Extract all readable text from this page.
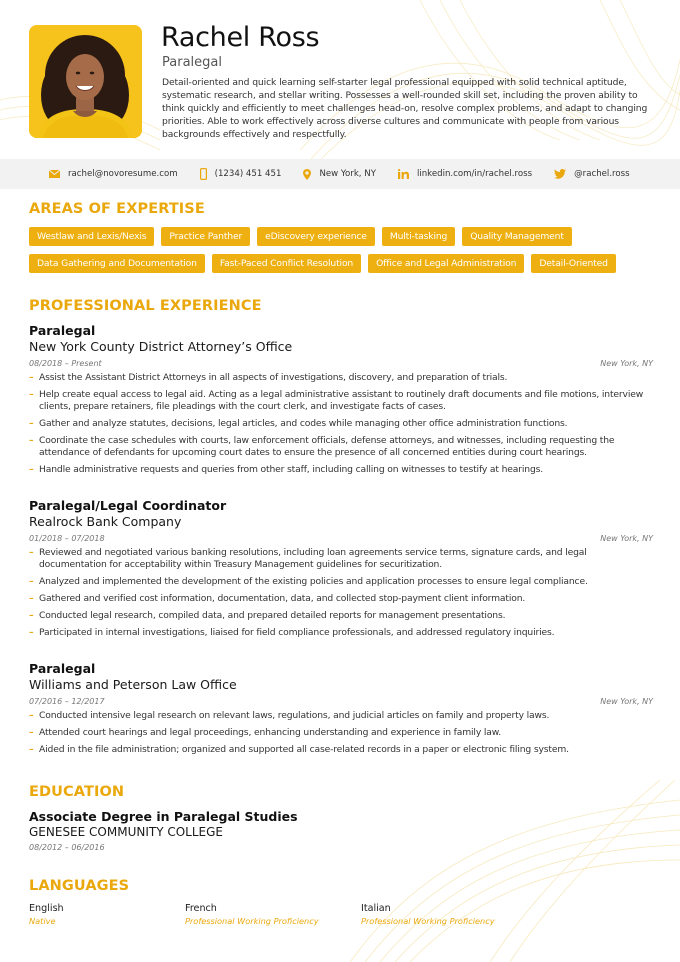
Rachel Ross
Paralegal
Detail-oriented and quick learning self-starter legal professional equipped with solid technical aptitude, systematic research, and stellar writing. Possesses a well-rounded skill set, including the proven ability to think quickly and efficiently to meet challenges head-on, resolve complex problems, and adapt to changing priorities. Able to work effectively across diverse cultures and communicate with people from various backgrounds effectively and respectfully.
rachel@novoresume.com	(1234) 451 451	New York, NY	linkedin.com/in/rachel.ross	@rachel.ross
AREAS OF EXPERTISE
Westlaw and Lexis/Nexis	Practice Panther	eDiscovery experience	Multi-tasking	Quality Management
Data Gathering and Documentation	Fast-Paced Conflict Resolution	Office and Legal Administration	Detail-Oriented
PROFESSIONAL EXPERIENCE
Paralegal
New York County District Attorney’s Office
08/2018 – Present	New York, NY
– Assist the Assistant District Attorneys in all aspects of investigations, discovery, and preparation of trials.
– Help create equal access to legal aid. Acting as a legal administrative assistant to routinely draft documents and file motions, interview clients, prepare retainers, file pleadings with the court clerk, and investigate facts of cases.
– Gather and analyze statutes, decisions, legal articles, and codes while managing other office administration functions.
– Coordinate the case schedules with courts, law enforcement officials, defense attorneys, and witnesses, including requesting the attendance of defendants for upcoming court dates to ensure the presence of all concerned entities during court hearings.
– Handle administrative requests and queries from other staff, including calling on witnesses to testify at hearings.
Paralegal/Legal Coordinator
Realrock Bank Company
01/2018 – 07/2018	New York, NY
– Reviewed and negotiated various banking resolutions, including loan agreements service terms, signature cards, and legal documentation for acceptability within Treasury Management guidelines for securitization.
– Analyzed and implemented the development of the existing policies and application processes to ensure legal compliance.
– Gathered and verified cost information, documentation, data, and collected stop-payment client information.
– Conducted legal research, compiled data, and prepared detailed reports for management presentations.
– Participated in internal investigations, liaised for field compliance professionals, and addressed regulatory inquiries.
Paralegal
Williams and Peterson Law Office
07/2016 – 12/2017	New York, NY
– Conducted intensive legal research on relevant laws, regulations, and judicial articles on family and property laws.
– Attended court hearings and legal proceedings, enhancing understanding and experience in family law.
– Aided in the file administration; organized and supported all case-related records in a paper or electronic filing system.
EDUCATION
Associate Degree in Paralegal Studies
GENESEE COMMUNITY COLLEGE
08/2012 – 06/2016
LANGUAGES
English
Native
French
Professional Working Proficiency
Italian
Professional Working Proficiency
